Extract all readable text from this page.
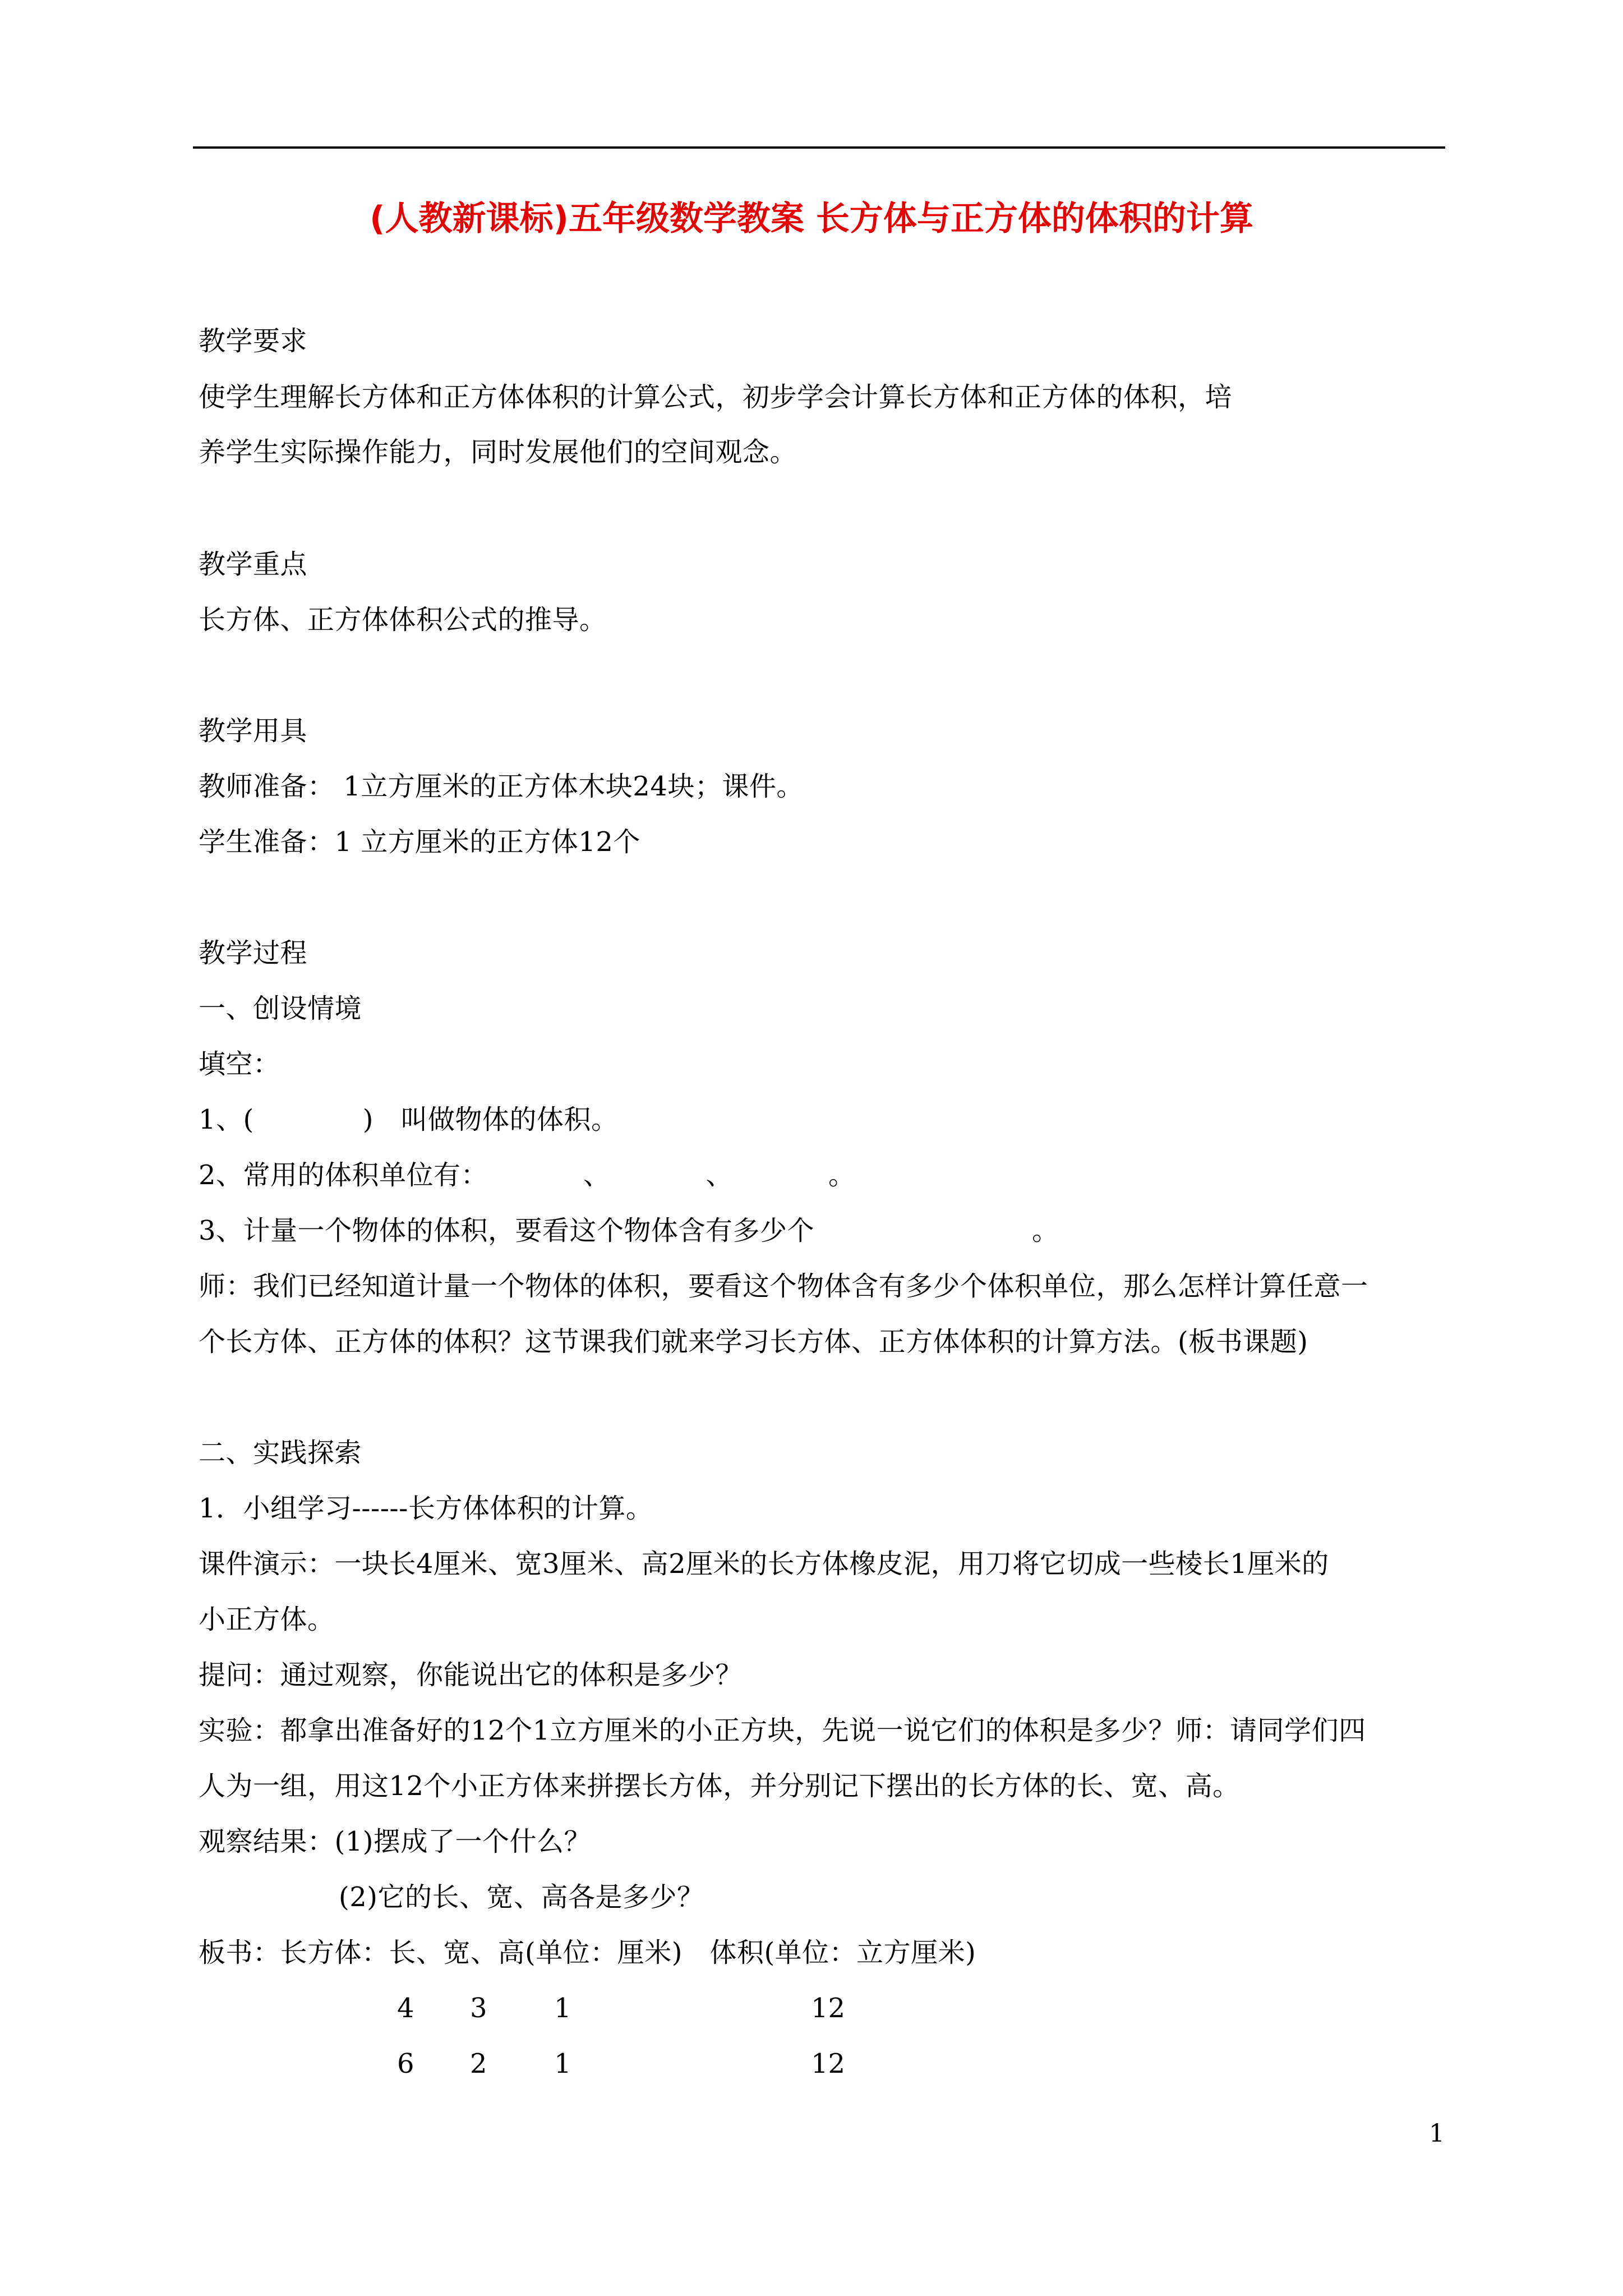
(人教新课标)五年级数学教案 长方体与正方体的体积的计算
教学要求
使学生理解长方体和正方体体积的计算公式，初步学会计算长方体和正方体的体积，培
养学生实际操作能力，同时发展他们的空间观念。
教学重点
长方体、正方体体积公式的推导。
教学用具
教师准备： 1立方厘米的正方体木块24块；课件。
学生准备：1 立方厘米的正方体12个
教学过程
一、创设情境
填空：
1、(　　　　)　叫做物体的体积。
2、常用的体积单位有：　　　　、　　　　、　　　　。
3、计量一个物体的体积，要看这个物体含有多少个　　　　　　　　。
师：我们已经知道计量一个物体的体积，要看这个物体含有多少个体积单位，那么怎样计算任意一
个长方体、正方体的体积？这节课我们就来学习长方体、正方体体积的计算方法。(板书课题)
二、实践探索
1．小组学习------长方体体积的计算。
课件演示：一块长4厘米、宽3厘米、高2厘米的长方体橡皮泥，用刀将它切成一些棱长1厘米的
小正方体。
提问：通过观察，你能说出它的体积是多少？
实验：都拿出准备好的12个1立方厘米的小正方块，先说一说它们的体积是多少？师：请同学们四
人为一组，用这12个小正方体来拼摆长方体，并分别记下摆出的长方体的长、宽、高。
观察结果：(1)摆成了一个什么？
(2)它的长、宽、高各是多少？
板书：长方体：长、宽、高(单位：厘米)　体积(单位：立方厘米)
4 3 1	12
6 2 1	12
1
